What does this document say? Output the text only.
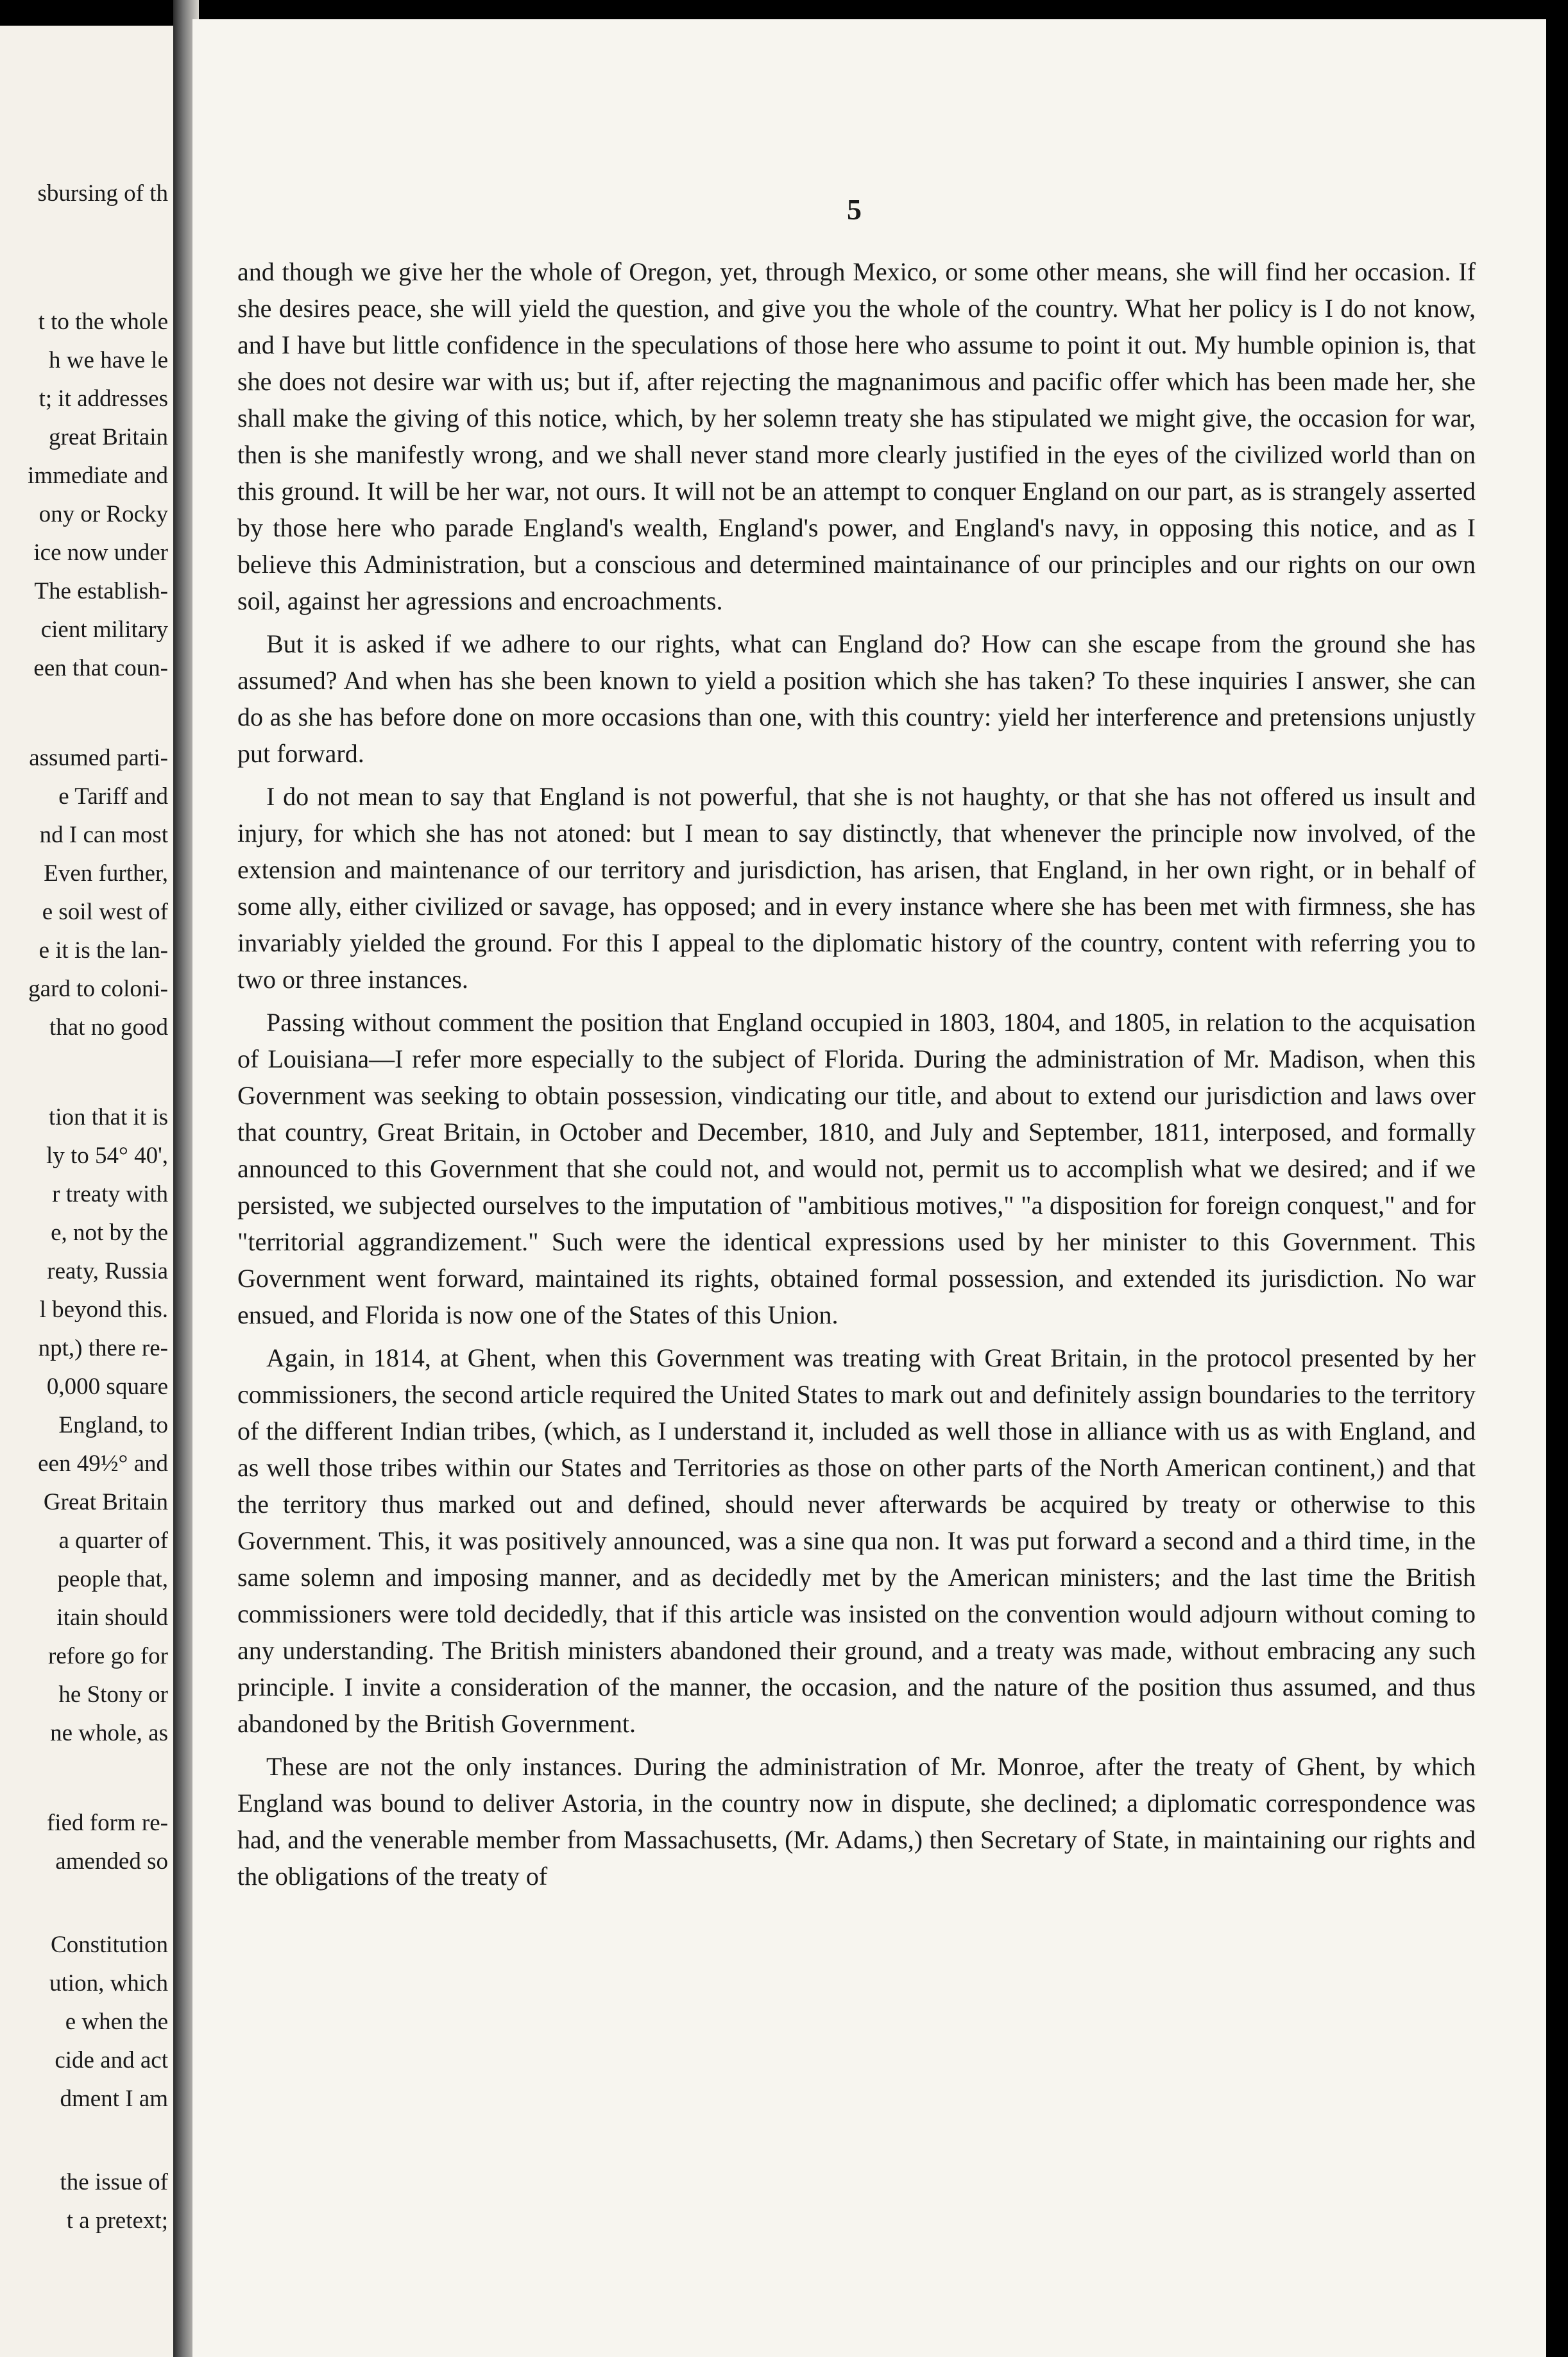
sbursing of th
t to the whole
h we have le
t; it addresses
great Britain
immediate and
ony or Rocky
ice now under
The establish-
cient military
een that coun-
assumed parti-
e Tariff and
nd I can most
Even further,
e soil west of
e it is the lan-
gard to coloni-
that no good
tion that it is
ly to 54° 40',
r treaty with
e, not by the
reaty, Russia
l beyond this.
npt,) there re-
0,000 square
England, to
een 49½° and
Great Britain
a quarter of
people that,
itain should
refore go for
he Stony or
ne whole, as
fied form re-
amended so
Constitution
ution, which
e when the
cide and act
dment I am
the issue of
t a pretext;
5

and though we give her the whole of Oregon, yet, through Mexico, or some other means, she will find her occasion. If she desires peace, she will yield the question, and give you the whole of the country. What her policy is I do not know, and I have but little confidence in the speculations of those here who assume to point it out. My humble opinion is, that she does not desire war with us; but if, after rejecting the magnanimous and pacific offer which has been made her, she shall make the giving of this notice, which, by her solemn treaty she has stipulated we might give, the occasion for war, then is she manifestly wrong, and we shall never stand more clearly justified in the eyes of the civilized world than on this ground. It will be her war, not ours. It will not be an attempt to conquer England on our part, as is strangely asserted by those here who parade England's wealth, England's power, and England's navy, in opposing this notice, and as I believe this Administration, but a conscious and determined maintainance of our principles and our rights on our own soil, against her agressions and encroachments.

But it is asked if we adhere to our rights, what can England do? How can she escape from the ground she has assumed? And when has she been known to yield a position which she has taken? To these inquiries I answer, she can do as she has before done on more occasions than one, with this country: yield her interference and pretensions unjustly put forward.

I do not mean to say that England is not powerful, that she is not haughty, or that she has not offered us insult and injury, for which she has not atoned: but I mean to say distinctly, that whenever the principle now involved, of the extension and maintenance of our territory and jurisdiction, has arisen, that England, in her own right, or in behalf of some ally, either civilized or savage, has opposed; and in every instance where she has been met with firmness, she has invariably yielded the ground. For this I appeal to the diplomatic history of the country, content with referring you to two or three instances.

Passing without comment the position that England occupied in 1803, 1804, and 1805, in relation to the acquisation of Louisiana—I refer more especially to the subject of Florida. During the administration of Mr. Madison, when this Government was seeking to obtain possession, vindicating our title, and about to extend our jurisdiction and laws over that country, Great Britain, in October and December, 1810, and July and September, 1811, interposed, and formally announced to this Government that she could not, and would not, permit us to accomplish what we desired; and if we persisted, we subjected ourselves to the imputation of "ambitious motives," "a disposition for foreign conquest," and for "territorial aggrandizement." Such were the identical expressions used by her minister to this Government. This Government went forward, maintained its rights, obtained formal possession, and extended its jurisdiction. No war ensued, and Florida is now one of the States of this Union.

Again, in 1814, at Ghent, when this Government was treating with Great Britain, in the protocol presented by her commissioners, the second article required the United States to mark out and definitely assign boundaries to the territory of the different Indian tribes, (which, as I understand it, included as well those in alliance with us as with England, and as well those tribes within our States and Territories as those on other parts of the North American continent,) and that the territory thus marked out and defined, should never afterwards be acquired by treaty or otherwise to this Government. This, it was positively announced, was a sine qua non. It was put forward a second and a third time, in the same solemn and imposing manner, and as decidedly met by the American ministers; and the last time the British commissioners were told decidedly, that if this article was insisted on the convention would adjourn without coming to any understanding. The British ministers abandoned their ground, and a treaty was made, without embracing any such principle. I invite a consideration of the manner, the occasion, and the nature of the position thus assumed, and thus abandoned by the British Government.

These are not the only instances. During the administration of Mr. Monroe, after the treaty of Ghent, by which England was bound to deliver Astoria, in the country now in dispute, she declined; a diplomatic correspondence was had, and the venerable member from Massachusetts, (Mr. Adams,) then Secretary of State, in maintaining our rights and the obligations of the treaty of
